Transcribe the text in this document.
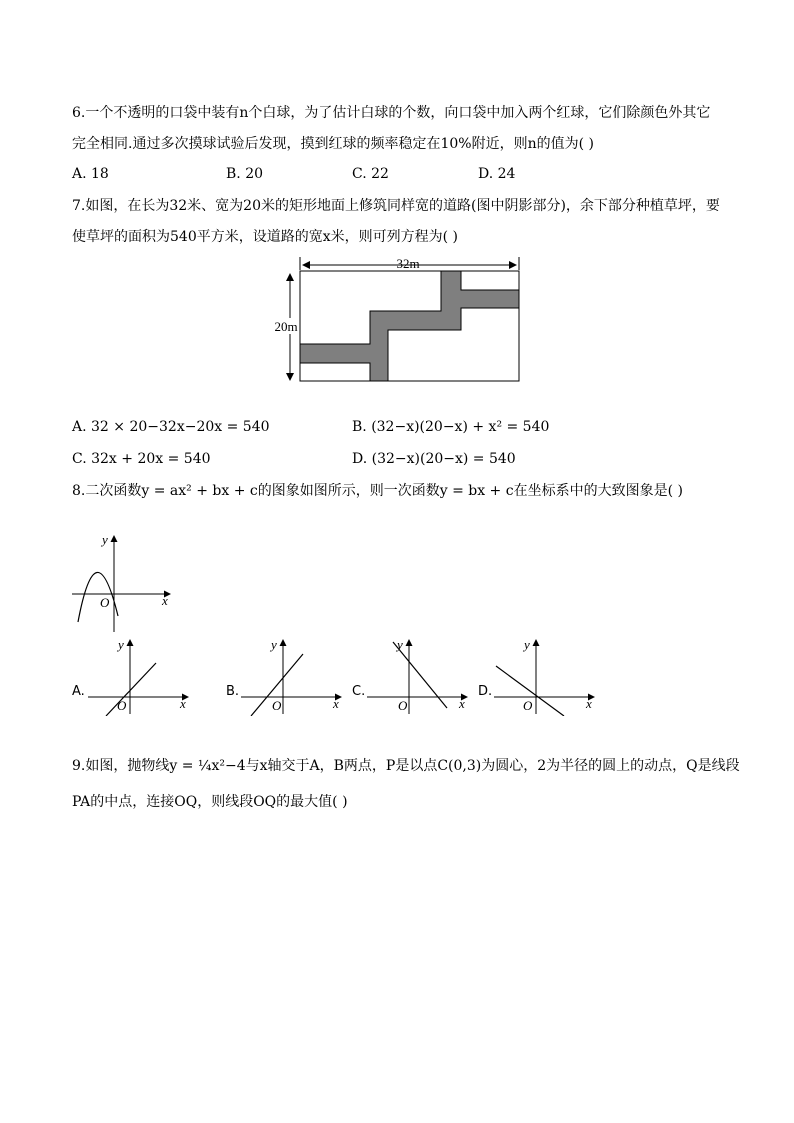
6.一个不透明的口袋中装有n个白球，为了估计白球的个数，向口袋中加入两个红球，它们除颜色外其它
完全相同.通过多次摸球试验后发现，摸到红球的频率稳定在10%附近，则n的值为( )
A. 18	B. 20	C. 22	D. 24
7.如图，在长为32米、宽为20米的矩形地面上修筑同样宽的道路(图中阴影部分)，余下部分种植草坪，要
使草坪的面积为540平方米，设道路的宽x米，则可列方程为( )
32m
20m
A. 32 × 20−32x−20x = 540	B. (32−x)(20−x) + x² = 540
C. 32x + 20x = 540	D. (32−x)(20−x) = 540
8.二次函数y = ax² + bx + c的图象如图所示，则一次函数y = bx + c在坐标系中的大致图象是( )
y
x
O
A.
y
x
O
B.
y
x
O
C.
y
x
O
D.
y
x
O
9.如图，抛物线y = ¼x²−4与x轴交于A，B两点，P是以点C(0,3)为圆心，2为半径的圆上的动点，Q是线段
PA的中点，连接OQ，则线段OQ的最大值( )
